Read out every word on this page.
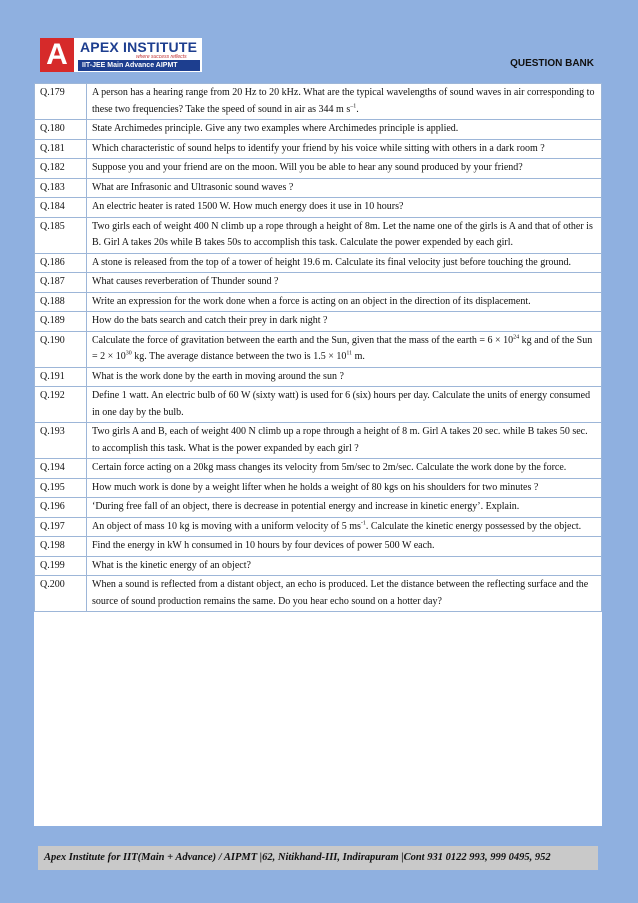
A APEX INSTITUTE
where success reflects
IIT-JEE Main Advance AIPMT	QUESTION BANK
Q.179	A person has a hearing range from 20 Hz to 20 kHz. What are the typical wavelengths of sound waves in air corresponding to these two frequencies? Take the speed of sound in air as 344 m $s^{-1}$.
Q.180	State Archimedes principle. Give any two examples where Archimedes principle is applied.
Q.181	Which characteristic of sound helps to identify your friend by his voice while sitting with others in a dark room ?
Q.182	Suppose you and your friend are on the moon. Will you be able to hear any sound produced by your friend?
Q.183	What are Infrasonic and Ultrasonic sound waves ?
Q.184	An electric heater is rated 1500 W. How much energy does it use in 10 hours?
Q.185	Two girls each of weight 400 N climb up a rope through a height of 8m. Let the name one of the girls is A and that of other is B. Girl A takes 20s while B takes 50s to accomplish this task. Calculate the power expended by each girl.
Q.186	A stone is released from the top of a tower of height 19.6 m. Calculate its final velocity just before touching the ground.
Q.187	What causes reverberation of Thunder sound ?
Q.188	Write an expression for the work done when a force is acting on an object in the direction of its displacement.
Q.189	How do the bats search and catch their prey in dark night ?
Q.190	Calculate the force of gravitation between the earth and the Sun, given that the mass of the earth = $6 \times 10^{24}$ kg and of the Sun = $2 \times 10^{30}$ kg. The average distance between the two is $1.5 \times 10^{11}$ m.
Q.191	What is the work done by the earth in moving around the sun ?
Q.192	Define 1 watt. An electric bulb of 60 W (sixty watt) is used for 6 (six) hours per day. Calculate the units of energy consumed in one day by the bulb.
Q.193	Two girls A and B, each of weight 400 N climb up a rope through a height of 8 m. Girl A takes 20 sec. while B takes 50 sec. to accomplish this task. What is the power expanded by each girl ?
Q.194	Certain force acting on a 20kg mass changes its velocity from 5m/sec to 2m/sec. Calculate the work done by the force.
Q.195	How much work is done by a weight lifter when he holds a weight of 80 kgs on his shoulders for two minutes ?
Q.196	‘During free fall of an object, there is decrease in potential energy and increase in kinetic energy’. Explain.
Q.197	An object of mass 10 kg is moving with a uniform velocity of 5 $ms^{-1}$. Calculate the kinetic energy possessed by the object.
Q.198	Find the energy in kW h consumed in 10 hours by four devices of power 500 W each.
Q.199	What is the kinetic energy of an object?
Q.200	When a sound is reflected from a distant object, an echo is produced. Let the distance between the reflecting surface and the source of sound production remains the same. Do you hear echo sound on a hotter day?
Apex Institute for IIT(Main + Advance) / AIPMT |62, Nitikhand-III, Indirapuram |Cont 931 0122 993, 999 0495, 952
